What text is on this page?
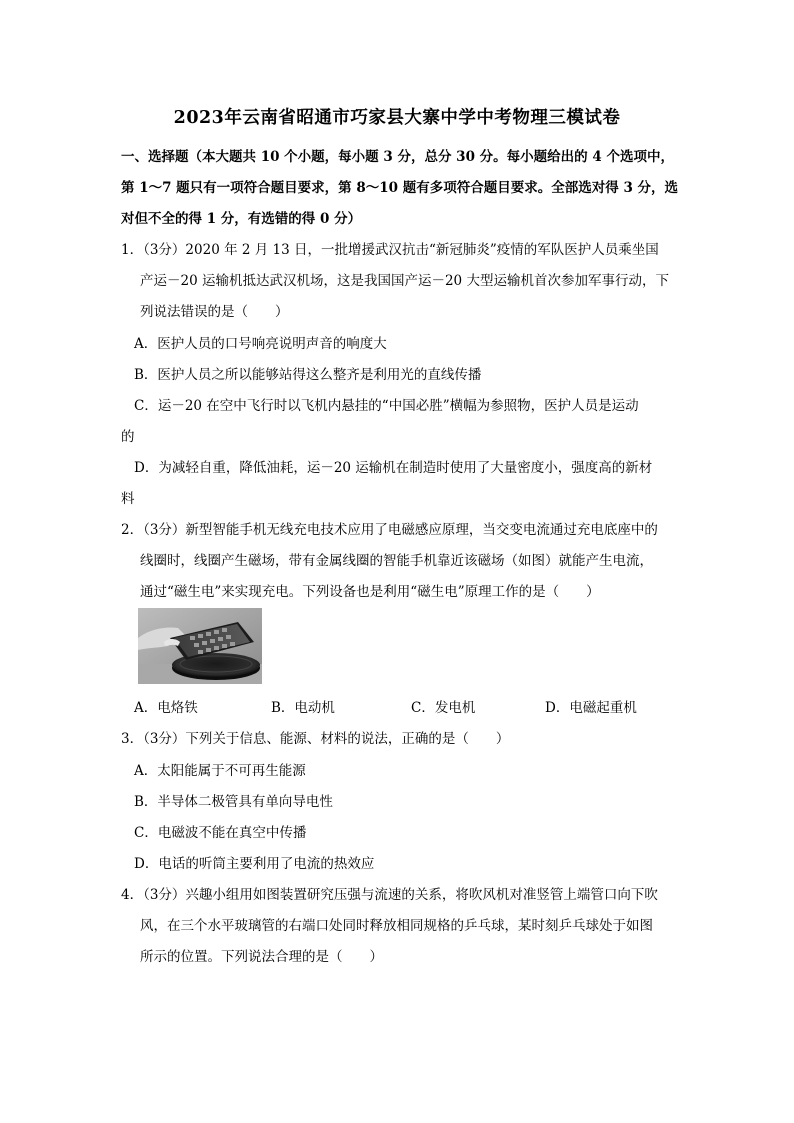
2023年云南省昭通市巧家县大寨中学中考物理三模试卷
一、选择题（本大题共 10 个小题，每小题 3 分，总分 30 分。每小题给出的 4 个选项中，
第 1～7 题只有一项符合题目要求，第 8～10 题有多项符合题目要求。全部选对得 3 分，选
对但不全的得 1 分，有选错的得 0 分）
1．（3分）2020 年 2 月 13 日，一批增援武汉抗击“新冠肺炎”疫情的军队医护人员乘坐国
产运－20 运输机抵达武汉机场，这是我国国产运－20 大型运输机首次参加军事行动，下
列说法错误的是（　　）
A．医护人员的口号响亮说明声音的响度大
B．医护人员之所以能够站得这么整齐是利用光的直线传播
C．运－20 在空中飞行时以飞机内悬挂的“中国必胜”横幅为参照物，医护人员是运动
的
D．为减轻自重，降低油耗，运－20 运输机在制造时使用了大量密度小，强度高的新材
料
2．（3分）新型智能手机无线充电技术应用了电磁感应原理，当交变电流通过充电底座中的
线圈时，线圈产生磁场，带有金属线圈的智能手机靠近该磁场（如图）就能产生电流，
通过“磁生电”来实现充电。下列设备也是利用“磁生电”原理工作的是（　　）
A．电烙铁	B．电动机	C．发电机	D．电磁起重机
3．（3分）下列关于信息、能源、材料的说法，正确的是（　　）
A．太阳能属于不可再生能源
B．半导体二极管具有单向导电性
C．电磁波不能在真空中传播
D．电话的听筒主要利用了电流的热效应
4．（3分）兴趣小组用如图装置研究压强与流速的关系，将吹风机对准竖管上端管口向下吹
风，在三个水平玻璃管的右端口处同时释放相同规格的乒乓球，某时刻乒乓球处于如图
所示的位置。下列说法合理的是（　　）
